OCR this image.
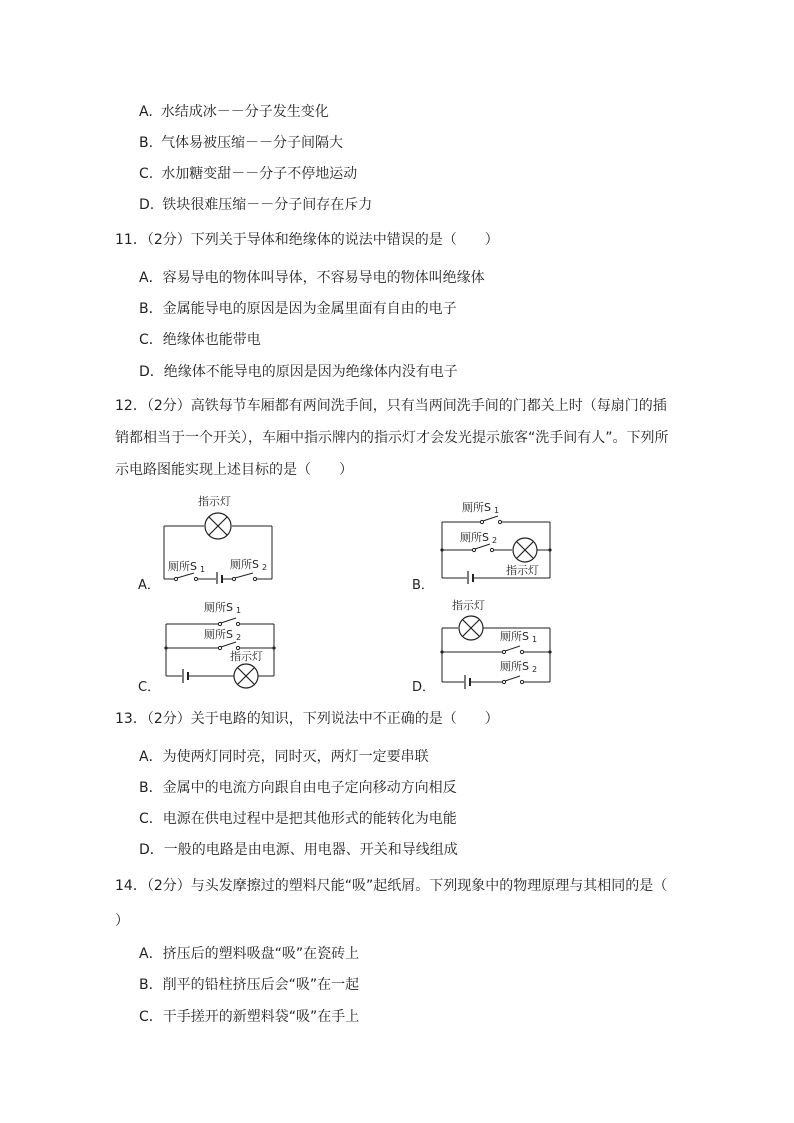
A. 水结成冰－－分子发生变化
B. 气体易被压缩－－分子间隔大
C. 水加糖变甜－－分子不停地运动
D. 铁块很难压缩－－分子间存在斥力
11．（2分）下列关于导体和绝缘体的说法中错误的是（　　）
A．容易导电的物体叫导体，不容易导电的物体叫绝缘体
B．金属能导电的原因是因为金属里面有自由的电子
C．绝缘体也能带电
D．绝缘体不能导电的原因是因为绝缘体内没有电子
12．（2分）高铁每节车厢都有两间洗手间，只有当两间洗手间的门都关上时（每扇门的插
销都相当于一个开关），车厢中指示牌内的指示灯才会发光提示旅客“洗手间有人”。下列所
示电路图能实现上述目标的是（　　）
A．
指示灯
厕所S 1 厕所S 2
B．
厕所S 1
厕所S 2
指示灯
C．
厕所S 1
厕所S 2
指示灯
D．
指示灯
厕所S 1
厕所S 2
13．（2分）关于电路的知识，下列说法中不正确的是（　　）
A．为使两灯同时亮，同时灭，两灯一定要串联
B．金属中的电流方向跟自由电子定向移动方向相反
C．电源在供电过程中是把其他形式的能转化为电能
D．一般的电路是由电源、用电器、开关和导线组成
14．（2分）与头发摩擦过的塑料尺能“吸”起纸屑。下列现象中的物理原理与其相同的是（
）
A．挤压后的塑料吸盘“吸”在瓷砖上
B．削平的铅柱挤压后会“吸”在一起
C．干手搓开的新塑料袋“吸”在手上
